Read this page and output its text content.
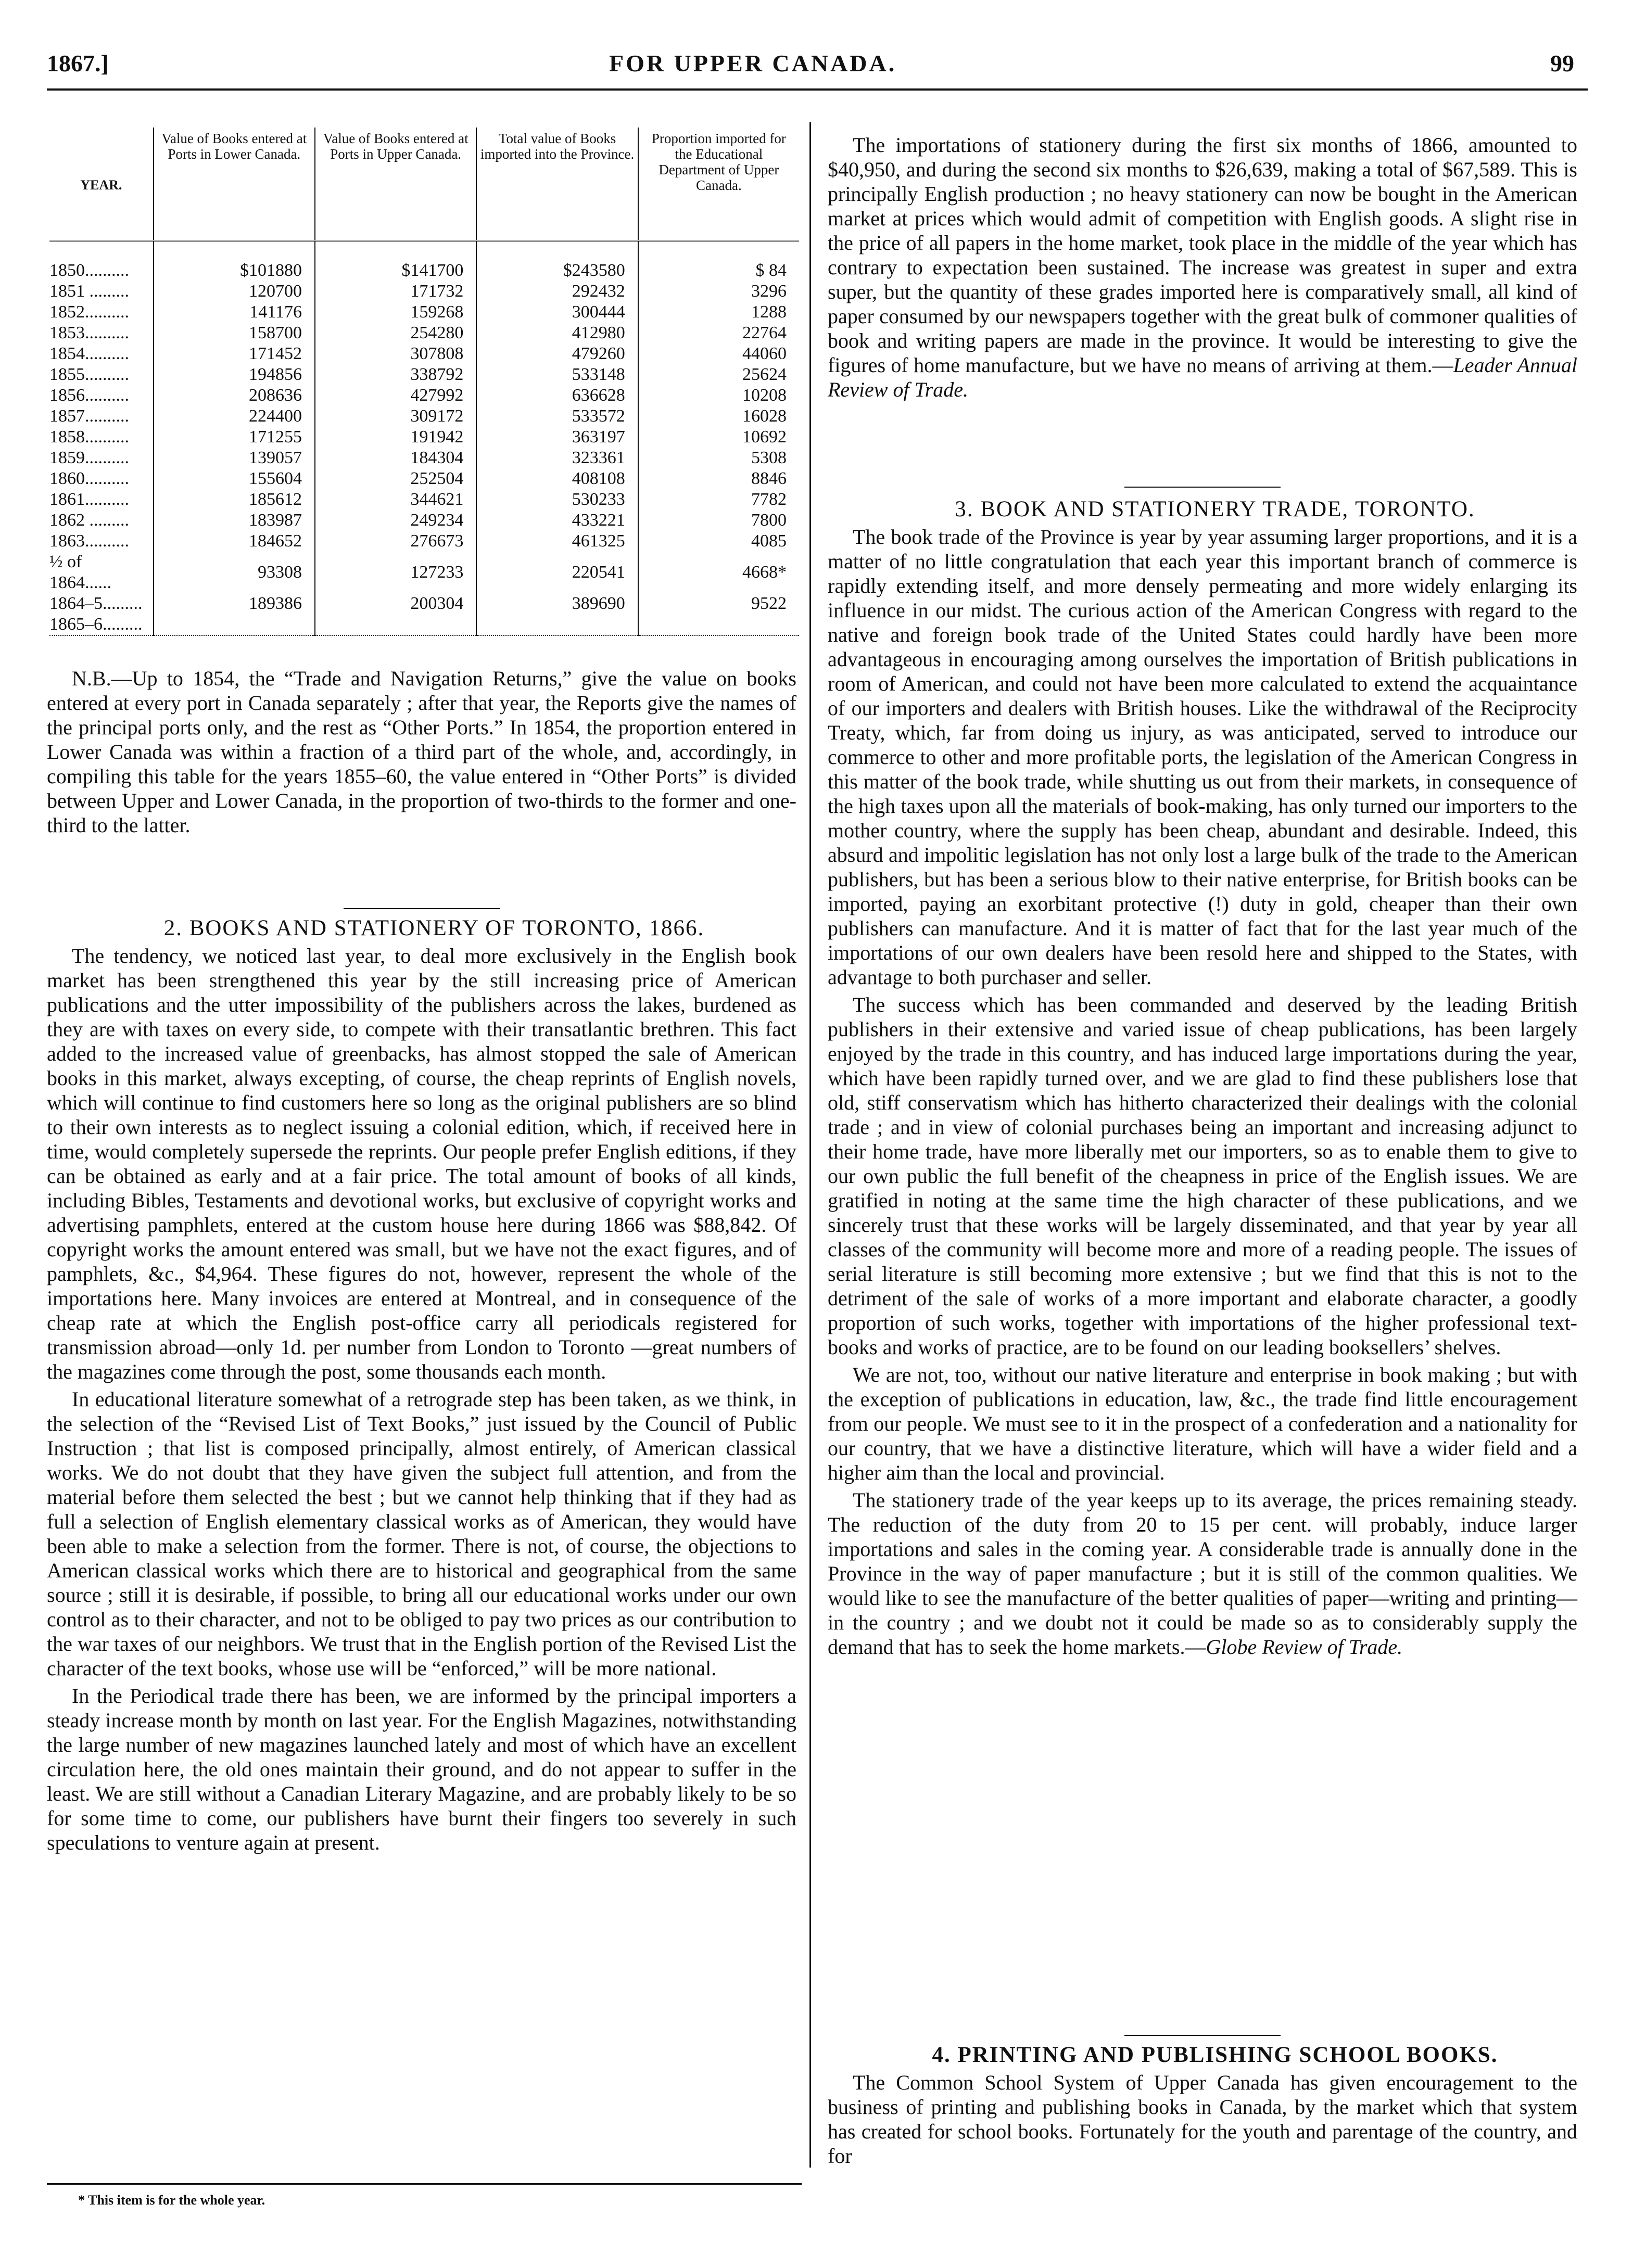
1867.]	FOR UPPER CANADA.	99
YEAR.	Value of Books entered at Ports in Lower Canada.	Value of Books entered at Ports in Upper Canada.	Total value of Books imported into the Province.	Proportion imported for the Educational Department of Upper Canada.
1850..........	$101880	$141700	$243580	$ 84
1851 .........	120700	171732	292432	3296
1852..........	141176	159268	300444	1288
1853..........	158700	254280	412980	22764
1854..........	171452	307808	479260	44060
1855..........	194856	338792	533148	25624
1856..........	208636	427992	636628	10208
1857..........	224400	309172	533572	16028
1858..........	171255	191942	363197	10692
1859..........	139057	184304	323361	5308
1860..........	155604	252504	408108	8846
1861..........	185612	344621	530233	7782
1862 .........	183987	249234	433221	7800
1863..........	184652	276673	461325	4085
½ of 1864......	93308	127233	220541	4668*
1864–5.........	189386	200304	389690	9522
1865–6.........				

N.B.—Up to 1854, the “Trade and Navigation Returns,” give the value on books entered at every port in Canada separately ; after that year, the Reports give the names of the principal ports only, and the rest as “Other Ports.” In 1854, the proportion entered in Lower Canada was within a fraction of a third part of the whole, and, accordingly, in compiling this table for the years 1855–60, the value entered in “Other Ports” is divided between Upper and Lower Canada, in the proportion of two-thirds to the former and one-third to the latter.

2. BOOKS AND STATIONERY OF TORONTO, 1866.

The tendency, we noticed last year, to deal more exclusively in the English book market has been strengthened this year by the still increasing price of American publications and the utter impossibility of the publishers across the lakes, burdened as they are with taxes on every side, to compete with their transatlantic brethren. This fact added to the increased value of greenbacks, has almost stopped the sale of American books in this market, always excepting, of course, the cheap reprints of English novels, which will continue to find customers here so long as the original publishers are so blind to their own interests as to neglect issuing a colonial edition, which, if received here in time, would completely supersede the reprints. Our people prefer English editions, if they can be obtained as early and at a fair price. The total amount of books of all kinds, including Bibles, Testaments and devotional works, but exclusive of copyright works and advertising pamphlets, entered at the custom house here during 1866 was $88,842. Of copyright works the amount entered was small, but we have not the exact figures, and of pamphlets, &c., $4,964. These figures do not, however, represent the whole of the importations here. Many invoices are entered at Montreal, and in consequence of the cheap rate at which the English post-office carry all periodicals registered for transmission abroad—only 1d. per number from London to Toronto —great numbers of the magazines come through the post, some thousands each month.

In educational literature somewhat of a retrograde step has been taken, as we think, in the selection of the “Revised List of Text Books,” just issued by the Council of Public Instruction ; that list is composed principally, almost entirely, of American classical works. We do not doubt that they have given the subject full attention, and from the material before them selected the best ; but we cannot help thinking that if they had as full a selection of English elementary classical works as of American, they would have been able to make a selection from the former. There is not, of course, the objections to American classical works which there are to historical and geographical from the same source ; still it is desirable, if possible, to bring all our educational works under our own control as to their character, and not to be obliged to pay two prices as our contribution to the war taxes of our neighbors. We trust that in the English portion of the Revised List the character of the text books, whose use will be “enforced,” will be more national.

In the Periodical trade there has been, we are informed by the principal importers a steady increase month by month on last year. For the English Magazines, notwithstanding the large number of new magazines launched lately and most of which have an excellent circulation here, the old ones maintain their ground, and do not appear to suffer in the least. We are still without a Canadian Literary Magazine, and are probably likely to be so for some time to come, our publishers have burnt their fingers too severely in such speculations to venture again at present.

* This item is for the whole year.

The importations of stationery during the first six months of 1866, amounted to $40,950, and during the second six months to $26,639, making a total of $67,589. This is principally English production ; no heavy stationery can now be bought in the American market at prices which would admit of competition with English goods. A slight rise in the price of all papers in the home market, took place in the middle of the year which has contrary to expectation been sustained. The increase was greatest in super and extra super, but the quantity of these grades imported here is comparatively small, all kind of paper consumed by our newspapers together with the great bulk of commoner qualities of book and writing papers are made in the province. It would be interesting to give the figures of home manufacture, but we have no means of arriving at them.—Leader Annual Review of Trade.

3. BOOK AND STATIONERY TRADE, TORONTO.

The book trade of the Province is year by year assuming larger proportions, and it is a matter of no little congratulation that each year this important branch of commerce is rapidly extending itself, and more densely permeating and more widely enlarging its influence in our midst. The curious action of the American Congress with regard to the native and foreign book trade of the United States could hardly have been more advantageous in encouraging among ourselves the importation of British publications in room of American, and could not have been more calculated to extend the acquaintance of our importers and dealers with British houses. Like the withdrawal of the Reciprocity Treaty, which, far from doing us injury, as was anticipated, served to introduce our commerce to other and more profitable ports, the legislation of the American Congress in this matter of the book trade, while shutting us out from their markets, in consequence of the high taxes upon all the materials of book-making, has only turned our importers to the mother country, where the supply has been cheap, abundant and desirable. Indeed, this absurd and impolitic legislation has not only lost a large bulk of the trade to the American publishers, but has been a serious blow to their native enterprise, for British books can be imported, paying an exorbitant protective (!) duty in gold, cheaper than their own publishers can manufacture. And it is matter of fact that for the last year much of the importations of our own dealers have been resold here and shipped to the States, with advantage to both purchaser and seller.

The success which has been commanded and deserved by the leading British publishers in their extensive and varied issue of cheap publications, has been largely enjoyed by the trade in this country, and has induced large importations during the year, which have been rapidly turned over, and we are glad to find these publishers lose that old, stiff conservatism which has hitherto characterized their dealings with the colonial trade ; and in view of colonial purchases being an important and increasing adjunct to their home trade, have more liberally met our importers, so as to enable them to give to our own public the full benefit of the cheapness in price of the English issues. We are gratified in noting at the same time the high character of these publications, and we sincerely trust that these works will be largely disseminated, and that year by year all classes of the community will become more and more of a reading people. The issues of serial literature is still becoming more extensive ; but we find that this is not to the detriment of the sale of works of a more important and elaborate character, a goodly proportion of such works, together with importations of the higher professional text-books and works of practice, are to be found on our leading booksellers’ shelves.

We are not, too, without our native literature and enterprise in book making ; but with the exception of publications in education, law, &c., the trade find little encouragement from our people. We must see to it in the prospect of a confederation and a nationality for our country, that we have a distinctive literature, which will have a wider field and a higher aim than the local and provincial.

The stationery trade of the year keeps up to its average, the prices remaining steady. The reduction of the duty from 20 to 15 per cent. will probably, induce larger importations and sales in the coming year. A considerable trade is annually done in the Province in the way of paper manufacture ; but it is still of the common qualities. We would like to see the manufacture of the better qualities of paper—writing and printing—in the country ; and we doubt not it could be made so as to considerably supply the demand that has to seek the home markets.—Globe Review of Trade.

4. PRINTING AND PUBLISHING SCHOOL BOOKS.

The Common School System of Upper Canada has given encouragement to the business of printing and publishing books in Canada, by the market which that system has created for school books. Fortunately for the youth and parentage of the country, and for
